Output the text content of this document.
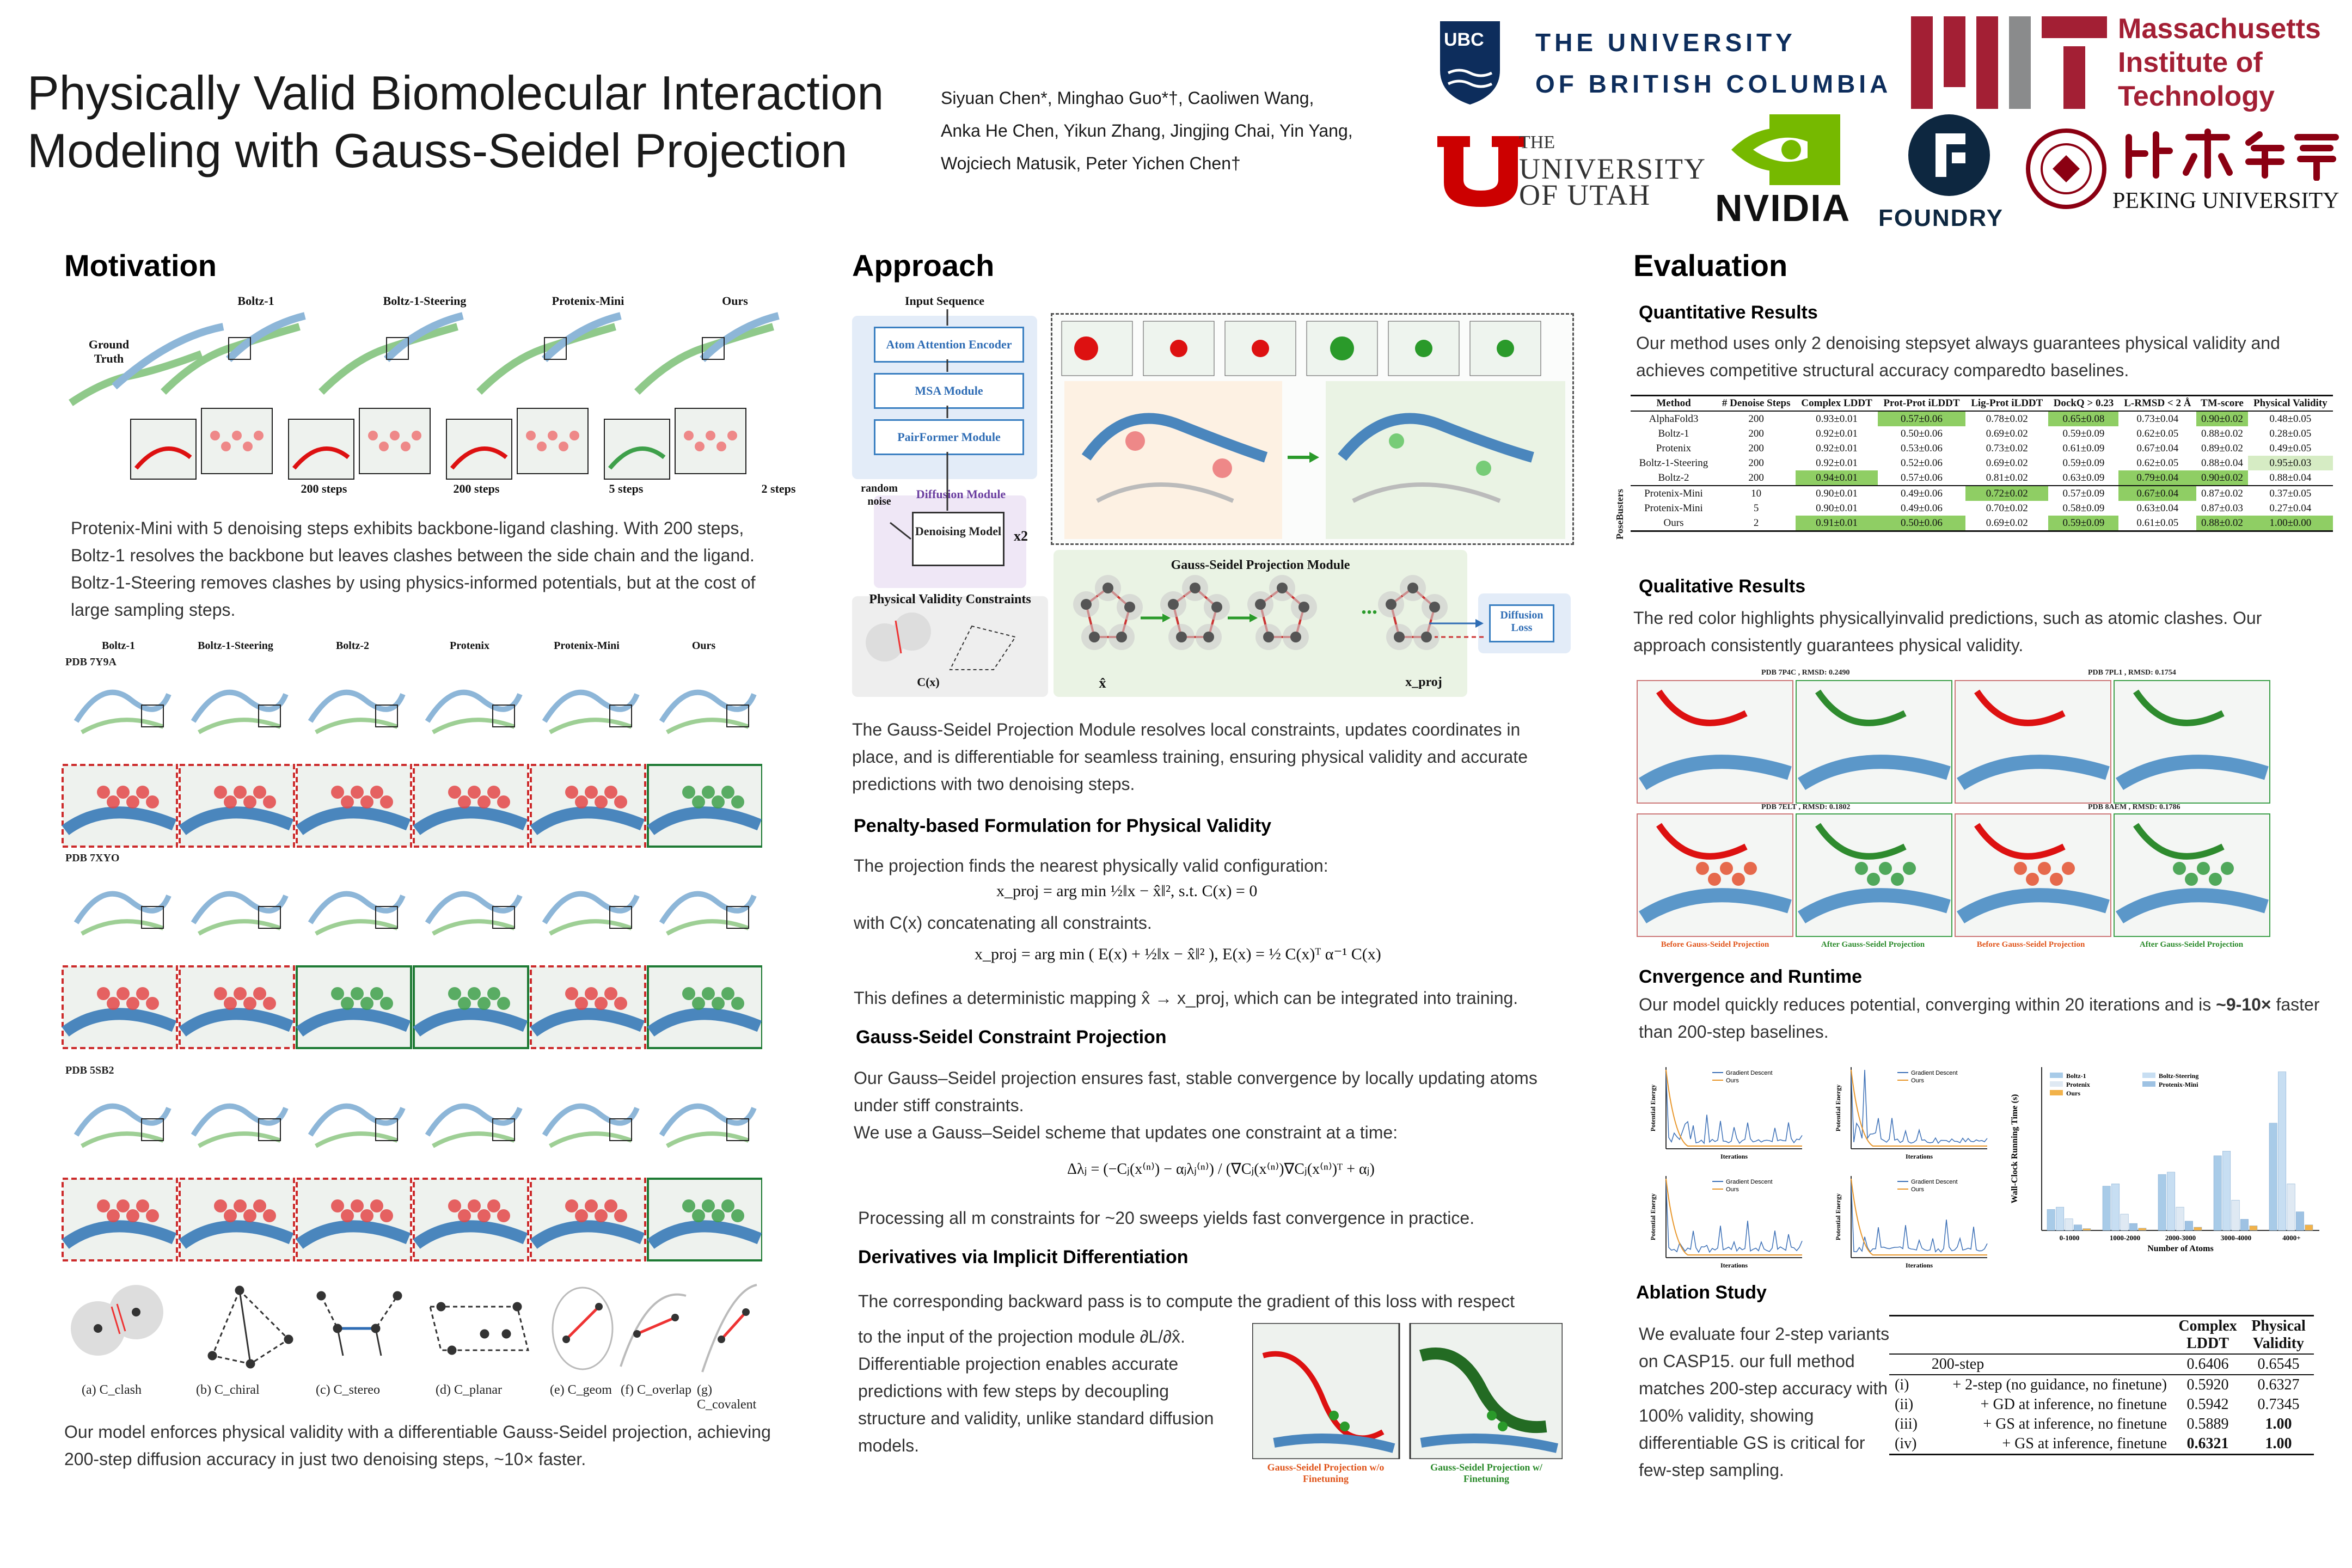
Physically Valid Biomolecular Interaction
Modeling with Gauss-Seidel Projection
Siyuan Chen*, Minghao Guo*†, Caoliwen Wang,
Anka He Chen, Yikun Zhang, Jingjing Chai, Yin Yang,
Wojciech Matusik, Peter Yichen Chen†
UBC THE UNIVERSITY
OF BRITISH COLUMBIA
Massachusetts
Institute of
Technology
THE
UNIVERSITY
OF UTAH	NVIDIA FOUNDRY
PEKING UNIVERSITY
Motivation
Ground Truth
Boltz-1	Boltz-1-Steering	Protenix-Mini	Ours
200 steps	200 steps	5 steps	2 steps
Protenix-Mini with 5 denoising steps exhibits backbone-ligand clashing. With 200 steps, Boltz-1 resolves the backbone but leaves clashes between the side chain and the ligand. Boltz-1-Steering removes clashes by using physics-informed potentials, but at the cost of large sampling steps.
Boltz-1	Boltz-1-Steering	Boltz-2	Protenix	Protenix-Mini	Ours
PDB 7Y9A
PDB 7XYO
PDB 5SB2
(a) C_clash	(b) C_chiral	(c) C_stereo	(d) C_planar	(e) C_geom (f) C_overlap (g) C_covalent
Our model enforces physical validity with a differentiable Gauss-Seidel projection, achieving 200-step diffusion accuracy in just two denoising steps, ~10× faster.
Approach
Input Sequence
Atom Attention Encoder
MSA Module
PairFormer Module
random noise
Diffusion Module
Denoising Model x2
Physical Validity Constraints
C(x)
Gauss-Seidel Projection Module
x̂	x_proj
Diffusion Loss
...
The Gauss-Seidel Projection Module resolves local constraints, updates coordinates in place, and is differentiable for seamless training, ensuring physical validity and accurate predictions with two denoising steps.
Penalty-based Formulation for Physical Validity
The projection finds the nearest physically valid configuration:
x_proj = arg min ½‖x − x̂‖², s.t. C(x) = 0
with C(x) concatenating all constraints.
x_proj = arg min ( E(x) + ½‖x − x̂‖² ), E(x) = ½ C(x)ᵀ α⁻¹ C(x)
This defines a deterministic mapping x̂ → x_proj, which can be integrated into training.
Gauss-Seidel Constraint Projection
Our Gauss–Seidel projection ensures fast, stable convergence by locally updating atoms under stiff constraints.
We use a Gauss–Seidel scheme that updates one constraint at a time:
Δλⱼ = (−Cⱼ(x⁽ⁿ⁾) − αⱼλⱼ⁽ⁿ⁾) / (∇Cⱼ(x⁽ⁿ⁾)∇Cⱼ(x⁽ⁿ⁾)ᵀ + αⱼ)
Processing all m constraints for ~20 sweeps yields fast convergence in practice.
Derivatives via Implicit Differentiation
The corresponding backward pass is to compute the gradient of this loss with respect
to the input of the projection module ∂L/∂x̂.
Differentiable projection enables accurate predictions with few steps by decoupling structure and validity, unlike standard diffusion models.
Gauss-Seidel Projection w/o Finetuning
Gauss-Seidel Projection w/ Finetuning
Evaluation
Quantitative Results
Our method uses only 2 denoising stepsyet always guarantees physical validity and achieves competitive structural accuracy comparedto baselines.
Method	# Denoise Steps	Complex LDDT	Prot-Prot iLDDT	Lig-Prot iLDDT	DockQ > 0.23	L-RMSD < 2 Å	TM-score	Physical Validity
AlphaFold3	200	0.93±0.01	0.57±0.06	0.78±0.02	0.65±0.08	0.73±0.04	0.90±0.02	0.48±0.05
Boltz-1	200	0.92±0.01	0.50±0.06	0.69±0.02	0.59±0.09	0.62±0.05	0.88±0.02	0.28±0.05
Protenix	200	0.92±0.01	0.53±0.06	0.73±0.02	0.61±0.09	0.67±0.04	0.89±0.02	0.49±0.05
Boltz-1-Steering	200	0.92±0.01	0.52±0.06	0.69±0.02	0.59±0.09	0.62±0.05	0.88±0.04	0.95±0.03
Boltz-2	200	0.94±0.01	0.57±0.06	0.81±0.02	0.63±0.09	0.79±0.04	0.90±0.02	0.88±0.04
Protenix-Mini	10	0.90±0.01	0.49±0.06	0.72±0.02	0.57±0.09	0.67±0.04	0.87±0.02	0.37±0.05
Protenix-Mini	5	0.90±0.01	0.49±0.06	0.70±0.02	0.58±0.09	0.63±0.04	0.87±0.03	0.27±0.04
Ours	2	0.91±0.01	0.50±0.06	0.69±0.02	0.59±0.09	0.61±0.05	0.88±0.02	1.00±0.00
PoseBusters
Qualitative Results
The red color highlights physicallyinvalid predictions, such as atomic clashes. Our approach consistently guarantees physical validity.
PDB 7P4C , RMSD: 0.2490	PDB 7PL1 , RMSD: 0.1754
PDB 7ELT , RMSD: 0.1802	PDB 8AEM , RMSD: 0.1786
Before Gauss-Seidel Projection	After Gauss-Seidel Projection	Before Gauss-Seidel Projection	After Gauss-Seidel Projection
Cnvergence and Runtime
Our model quickly reduces potential, converging within 20 iterations and is ~9-10× faster than 200-step baselines.
Gradient Descent
Ours
Iterations
Potential Energy
Gradient Descent
Ours
Iterations
Potential Energy
Gradient Descent
Ours
Iterations
Potential Energy
Gradient Descent
Ours
Iterations
Potential Energy	0-1000	1000-2000	2000-3000	3000-4000	4000+
Number of Atoms
Wall-Clock Running Time (s)
Boltz-1	Boltz-Steering
Protenix	Protenix-Mini
Ours
Ablation Study
We evaluate four 2-step variants on CASP15. our full method matches 200-step accuracy with 100% validity, showing differentiable GS is critical for few-step sampling.
		Complex LDDT	Physical Validity
	200-step	0.6406	0.6545
(i)	+ 2-step (no guidance, no finetune)	0.5920	0.6327
(ii)	+ GD at inference, no finetune	0.5942	0.7345
(iii)	+ GS at inference, no finetune	0.5889	1.00
(iv)	+ GS at inference, finetune	0.6321	1.00
